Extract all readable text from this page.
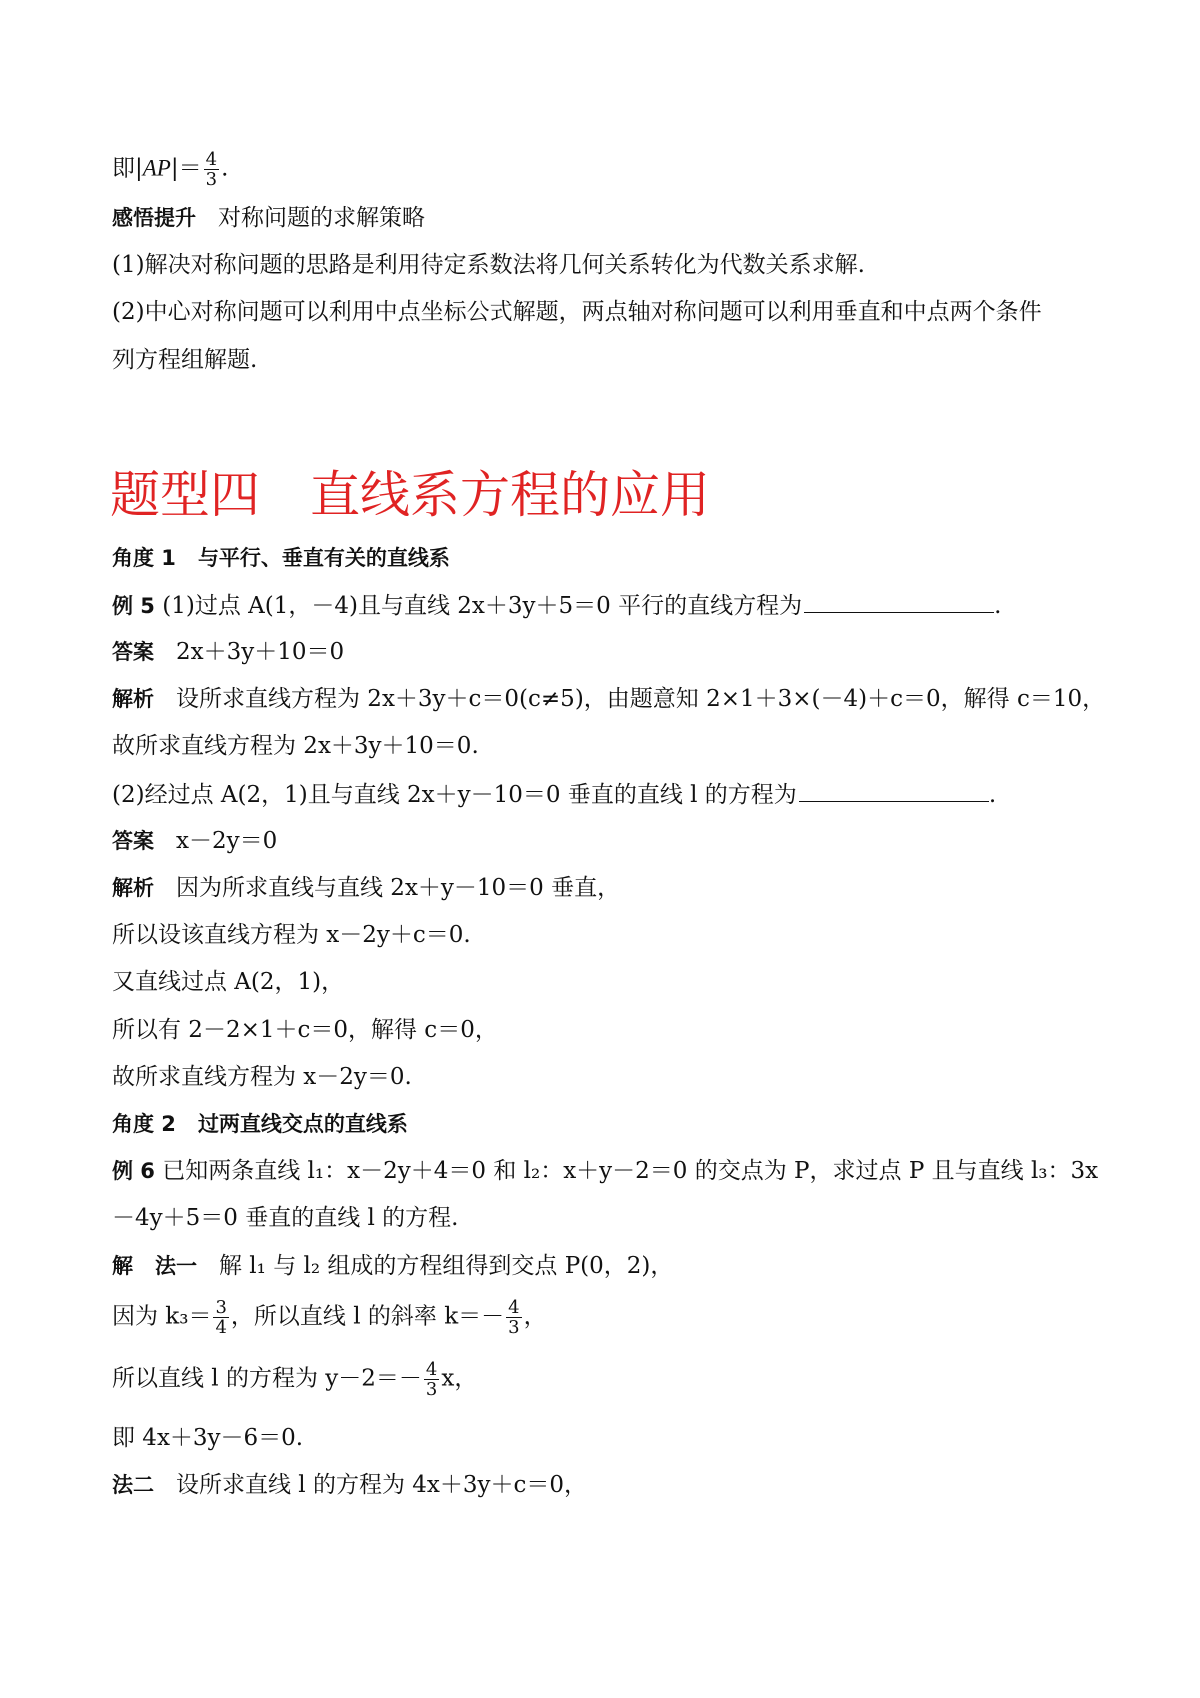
即$|AP|= \frac{4}{3}$ .
感悟提升 对称问题的求解策略
(1)解决对称问题的思路是利用待定系数法将几何关系转化为代数关系求解.
(2)中心对称问题可以利用中点坐标公式解题，两点轴对称问题可以利用垂直和中点两个条件
列方程组解题.
题型四 直线系方程的应用
角度 1 与平行、垂直有关的直线系
例 5 (1)过点 A(1，－4)且与直线 2x＋3y＋5＝0 平行的直线方程为	.
答案 2x＋3y＋10＝0
解析 设所求直线方程为 2x＋3y＋c＝0(c≠5)，由题意知 2×1＋3×(－4)＋c＝0，解得 c＝10，
故所求直线方程为 2x＋3y＋10＝0.
(2)经过点 A(2，1)且与直线 2x＋y－10＝0 垂直的直线 l 的方程为	.
答案 x－2y＝0
解析 因为所求直线与直线 2x＋y－10＝0 垂直，
所以设该直线方程为 x－2y＋c＝0.
又直线过点 A(2，1)，
所以有 2－2×1＋c＝0，解得 c＝0，
故所求直线方程为 x－2y＝0.
角度 2 过两直线交点的直线系
例 6 已知两条直线 l₁：x－2y＋4＝0 和 l₂：x＋y－2＝0 的交点为 P，求过点 P 且与直线 l₃：3x
－4y＋5＝0 垂直的直线 l 的方程.
解 法一 解 l₁ 与 l₂ 组成的方程组得到交点 P(0，2)，
因为 $k_3= \frac{3}{4}$ ，所以直线 l 的斜率 $k=- \frac{4}{3}$ ，
所以直线 l 的方程为 $y-2=- \frac{4}{3}$ x，
即 4x＋3y－6＝0.
法二 设所求直线 l 的方程为 4x＋3y＋c＝0，
